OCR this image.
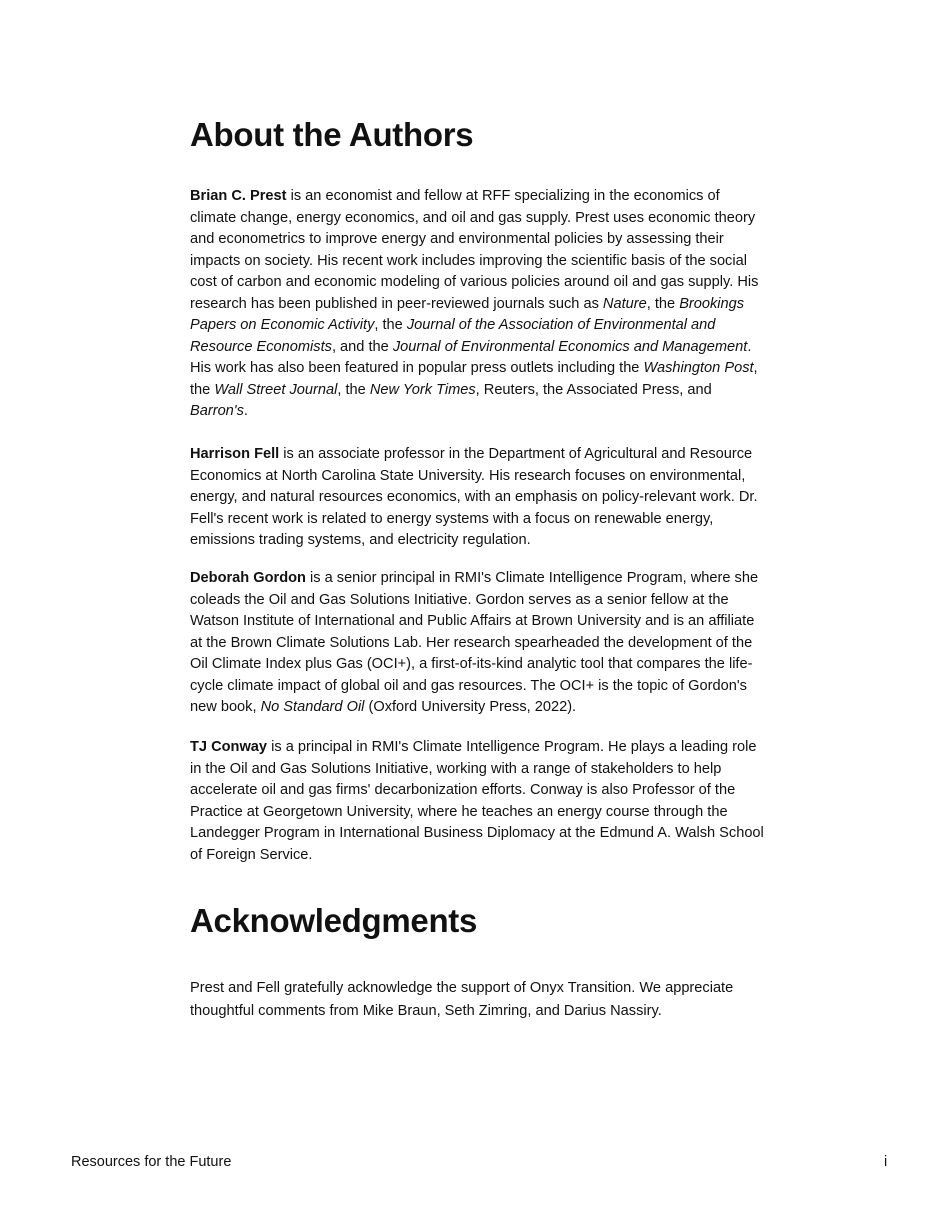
About the Authors

Brian C. Prest is an economist and fellow at RFF specializing in the economics of climate change, energy economics, and oil and gas supply. Prest uses economic theory and econometrics to improve energy and environmental policies by assessing their impacts on society. His recent work includes improving the scientific basis of the social cost of carbon and economic modeling of various policies around oil and gas supply. His research has been published in peer-reviewed journals such as Nature, the Brookings Papers on Economic Activity, the Journal of the Association of Environmental and Resource Economists, and the Journal of Environmental Economics and Management. His work has also been featured in popular press outlets including the Washington Post, the Wall Street Journal, the New York Times, Reuters, the Associated Press, and Barron's.

Harrison Fell is an associate professor in the Department of Agricultural and Resource Economics at North Carolina State University. His research focuses on environmental, energy, and natural resources economics, with an emphasis on policy-relevant work. Dr. Fell's recent work is related to energy systems with a focus on renewable energy, emissions trading systems, and electricity regulation.

Deborah Gordon is a senior principal in RMI's Climate Intelligence Program, where she coleads the Oil and Gas Solutions Initiative. Gordon serves as a senior fellow at the Watson Institute of International and Public Affairs at Brown University and is an affiliate at the Brown Climate Solutions Lab. Her research spearheaded the development of the Oil Climate Index plus Gas (OCI+), a first-of-its-kind analytic tool that compares the life-cycle climate impact of global oil and gas resources. The OCI+ is the topic of Gordon's new book, No Standard Oil (Oxford University Press, 2022).

TJ Conway is a principal in RMI's Climate Intelligence Program. He plays a leading role in the Oil and Gas Solutions Initiative, working with a range of stakeholders to help accelerate oil and gas firms' decarbonization efforts. Conway is also Professor of the Practice at Georgetown University, where he teaches an energy course through the Landegger Program in International Business Diplomacy at the Edmund A. Walsh School of Foreign Service.

Acknowledgments

Prest and Fell gratefully acknowledge the support of Onyx Transition. We appreciate thoughtful comments from Mike Braun, Seth Zimring, and Darius Nassiry.

Resources for the Future	i
